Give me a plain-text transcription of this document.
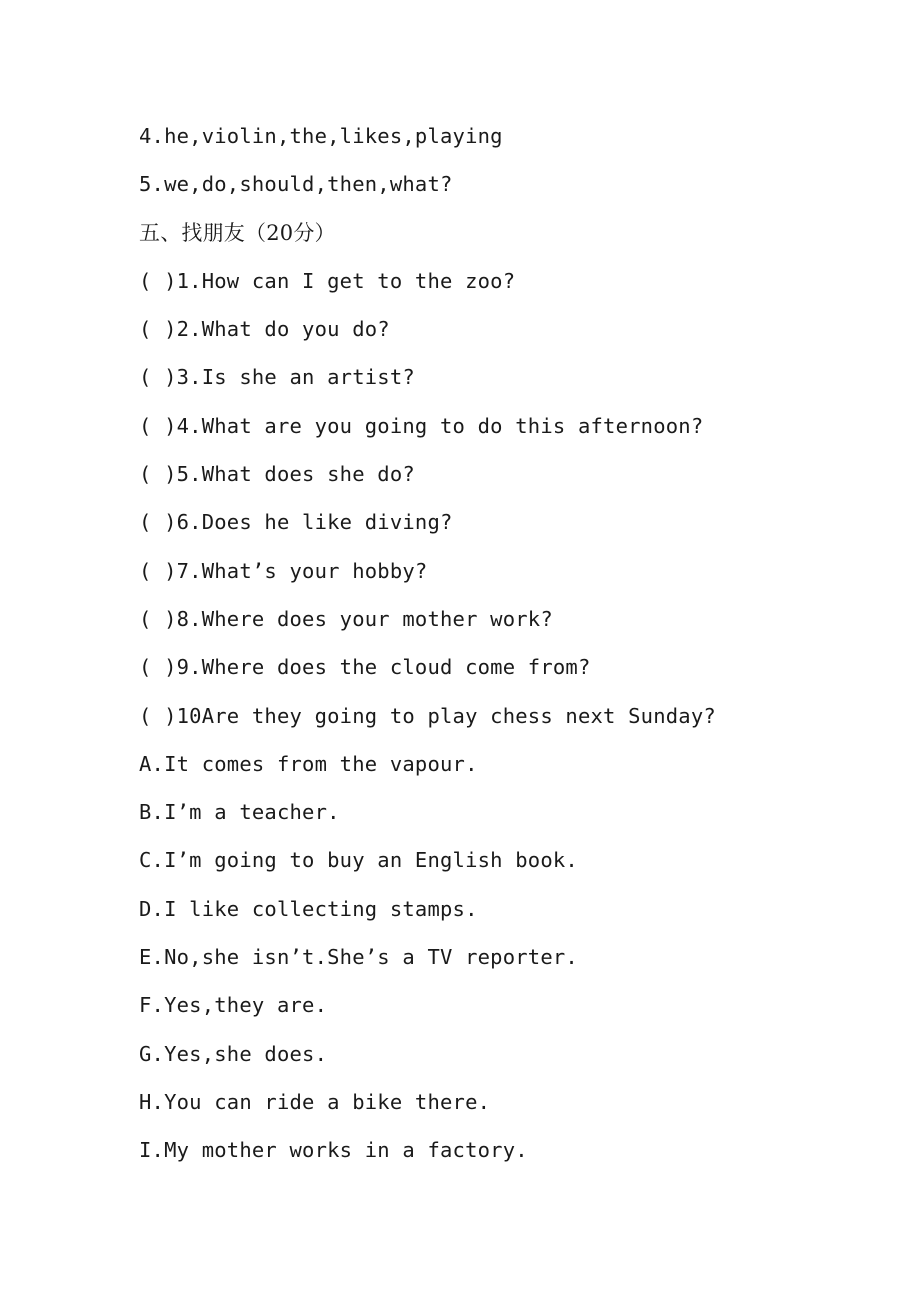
4.he,violin,the,likes,playing
5.we,do,should,then,what?
五、找朋友（20分）
( )1.How can I get to the zoo?
( )2.What do you do?
( )3.Is she an artist?
( )4.What are you going to do this afternoon?
( )5.What does she do?
( )6.Does he like diving?
( )7.What’s your hobby?
( )8.Where does your mother work?
( )9.Where does the cloud come from?
( )10Are they going to play chess next Sunday?
A.It comes from the vapour.
B.I’m a teacher.
C.I’m going to buy an English book.
D.I like collecting stamps.
E.No,she isn’t.She’s a TV reporter.
F.Yes,they are.
G.Yes,she does.
H.You can ride a bike there.
I.My mother works in a factory.
